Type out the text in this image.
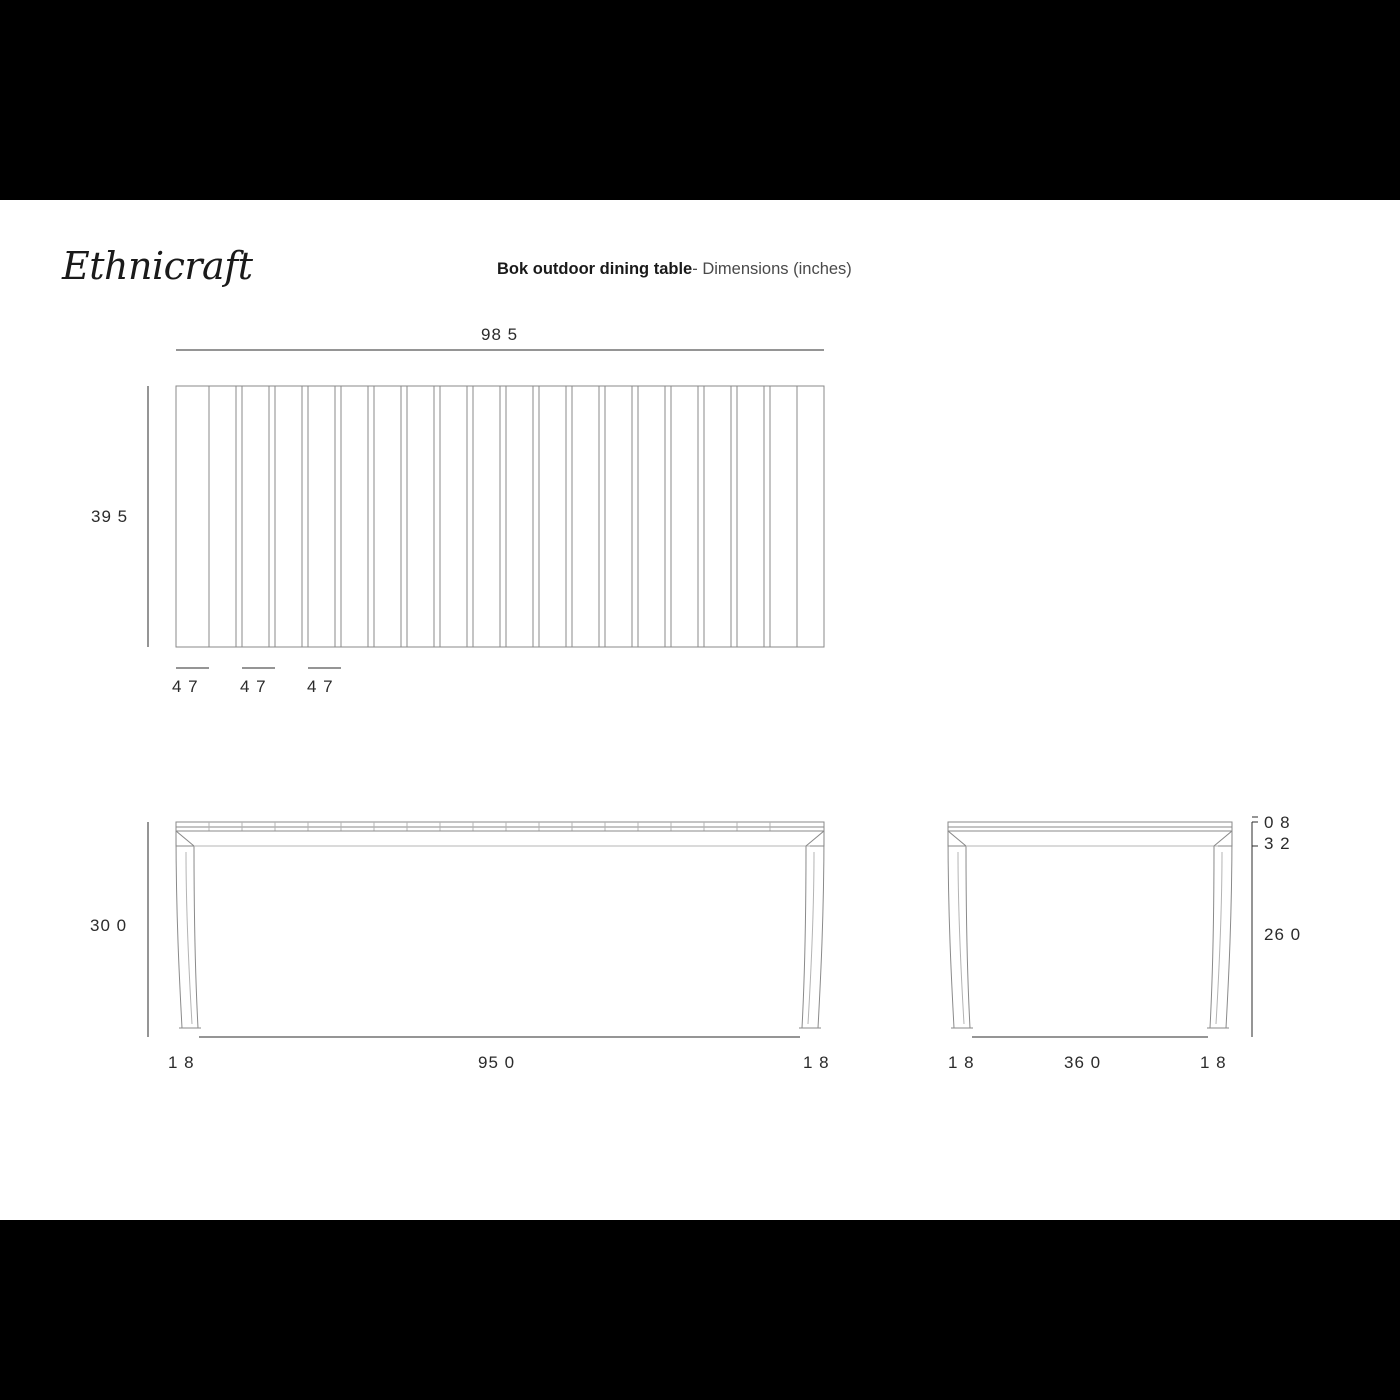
Ethnicraft	Bok outdoor dining table- Dimensions (inches)
98 5
39 5
4 7 4 7 4 7
30 0
1 8	95 0	1 8
0 8
3 2
26 0
1 8	36 0	1 8
